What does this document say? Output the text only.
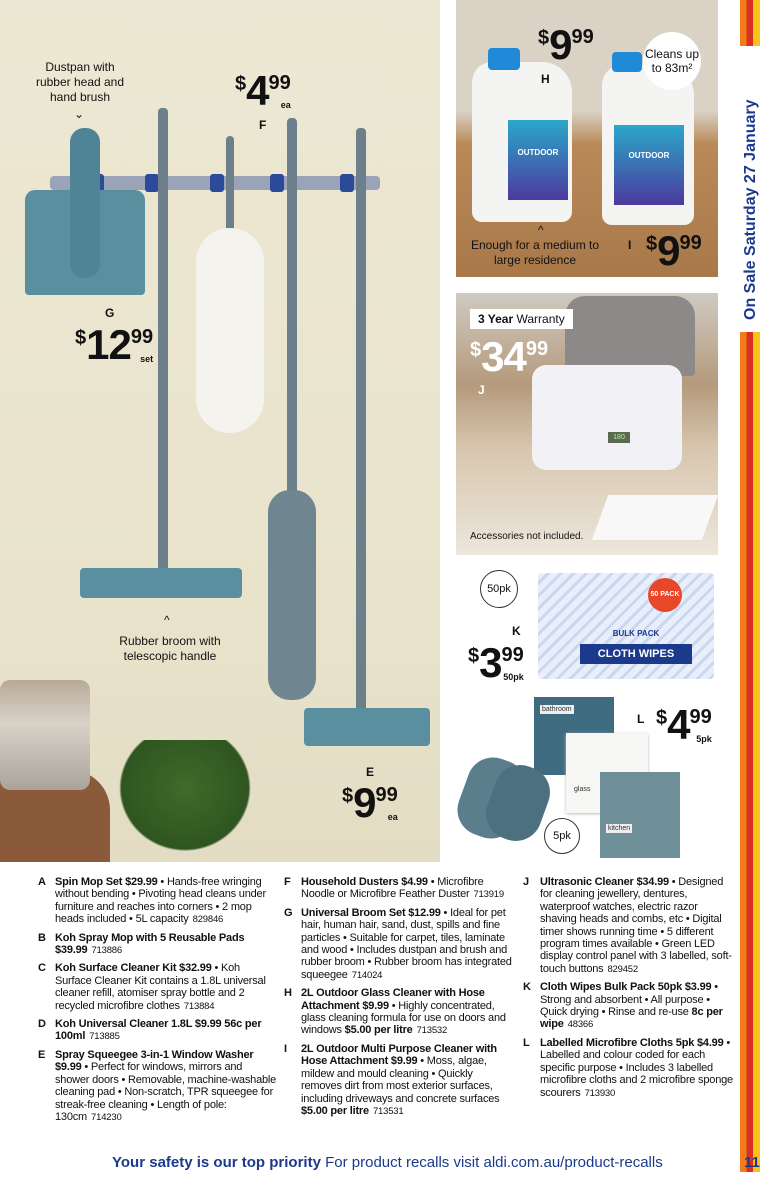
Dustpan with rubber head and hand brush
⌄
Rubber broom with telescopic handle
^
$ 4 99
ea
F
G
$ 12 99
set
E
$ 9 99
ea
OUTDOOR	OUTDOOR
$ 9 99
H
Cleans up to 83m²
^
Enough for a medium to large residence
I $ 9 99
180
3 Year Warranty
$ 34 99
J
Accessories not included.
50pk
BULK PACK
CLOTH WIPES
50 PACK
K
$ 3 99
50pk
L $ 4 99
5pk
bathroom
glass
kitchen
5pk
On Sale Saturday 27 January
A Spin Mop Set $29.99 • Hands-free wringing without bending • Pivoting head cleans under furniture and reaches into corners • 2 mop heads included • 5L capacity 829846
B Koh Spray Mop with 5 Reusable Pads $39.99 713886
C Koh Surface Cleaner Kit $32.99 • Koh Surface Cleaner Kit contains a 1.8L universal cleaner refill, atomiser spray bottle and 2 recycled microfibre clothes 713884
D Koh Universal Cleaner 1.8L $9.99 56c per 100ml 713885
E Spray Squeegee 3-in-1 Window Washer $9.99 • Perfect for windows, mirrors and shower doors • Removable, machine-washable cleaning pad • Non-scratch, TPR squeegee for streak-free cleaning • Length of pole: 130cm 714230
F Household Dusters $4.99 • Microfibre Noodle or Microfibre Feather Duster 713919
G Universal Broom Set $12.99 • Ideal for pet hair, human hair, sand, dust, spills and fine particles • Suitable for carpet, tiles, laminate and wood • Includes dustpan and brush and rubber broom • Rubber broom has integrated squeegee 714024
H 2L Outdoor Glass Cleaner with Hose Attachment $9.99 • Highly concentrated, glass cleaning formula for use on doors and windows $5.00 per litre 713532
I	2L Outdoor Multi Purpose Cleaner with Hose Attachment $9.99 • Moss, algae, mildew and mould cleaning • Quickly removes dirt from most exterior surfaces, including driveways and concrete surfaces $5.00 per litre 713531
J	Ultrasonic Cleaner $34.99 • Designed for cleaning jewellery, dentures, waterproof watches, electric razor shaving heads and combs, etc • Digital timer shows running time • 5 different program times available • Green LED display control panel with 3 labelled, soft-touch buttons 829452
K Cloth Wipes Bulk Pack 50pk $3.99 • Strong and absorbent • All purpose • Quick drying • Rinse and re-use 8c per wipe 48366
L Labelled Microfibre Cloths 5pk $4.99 • Labelled and colour coded for each specific purpose • Includes 3 labelled microfibre cloths and 2 microfibre sponge scourers 713930
Your safety is our top priority For product recalls visit aldi.com.au/product-recalls	11
